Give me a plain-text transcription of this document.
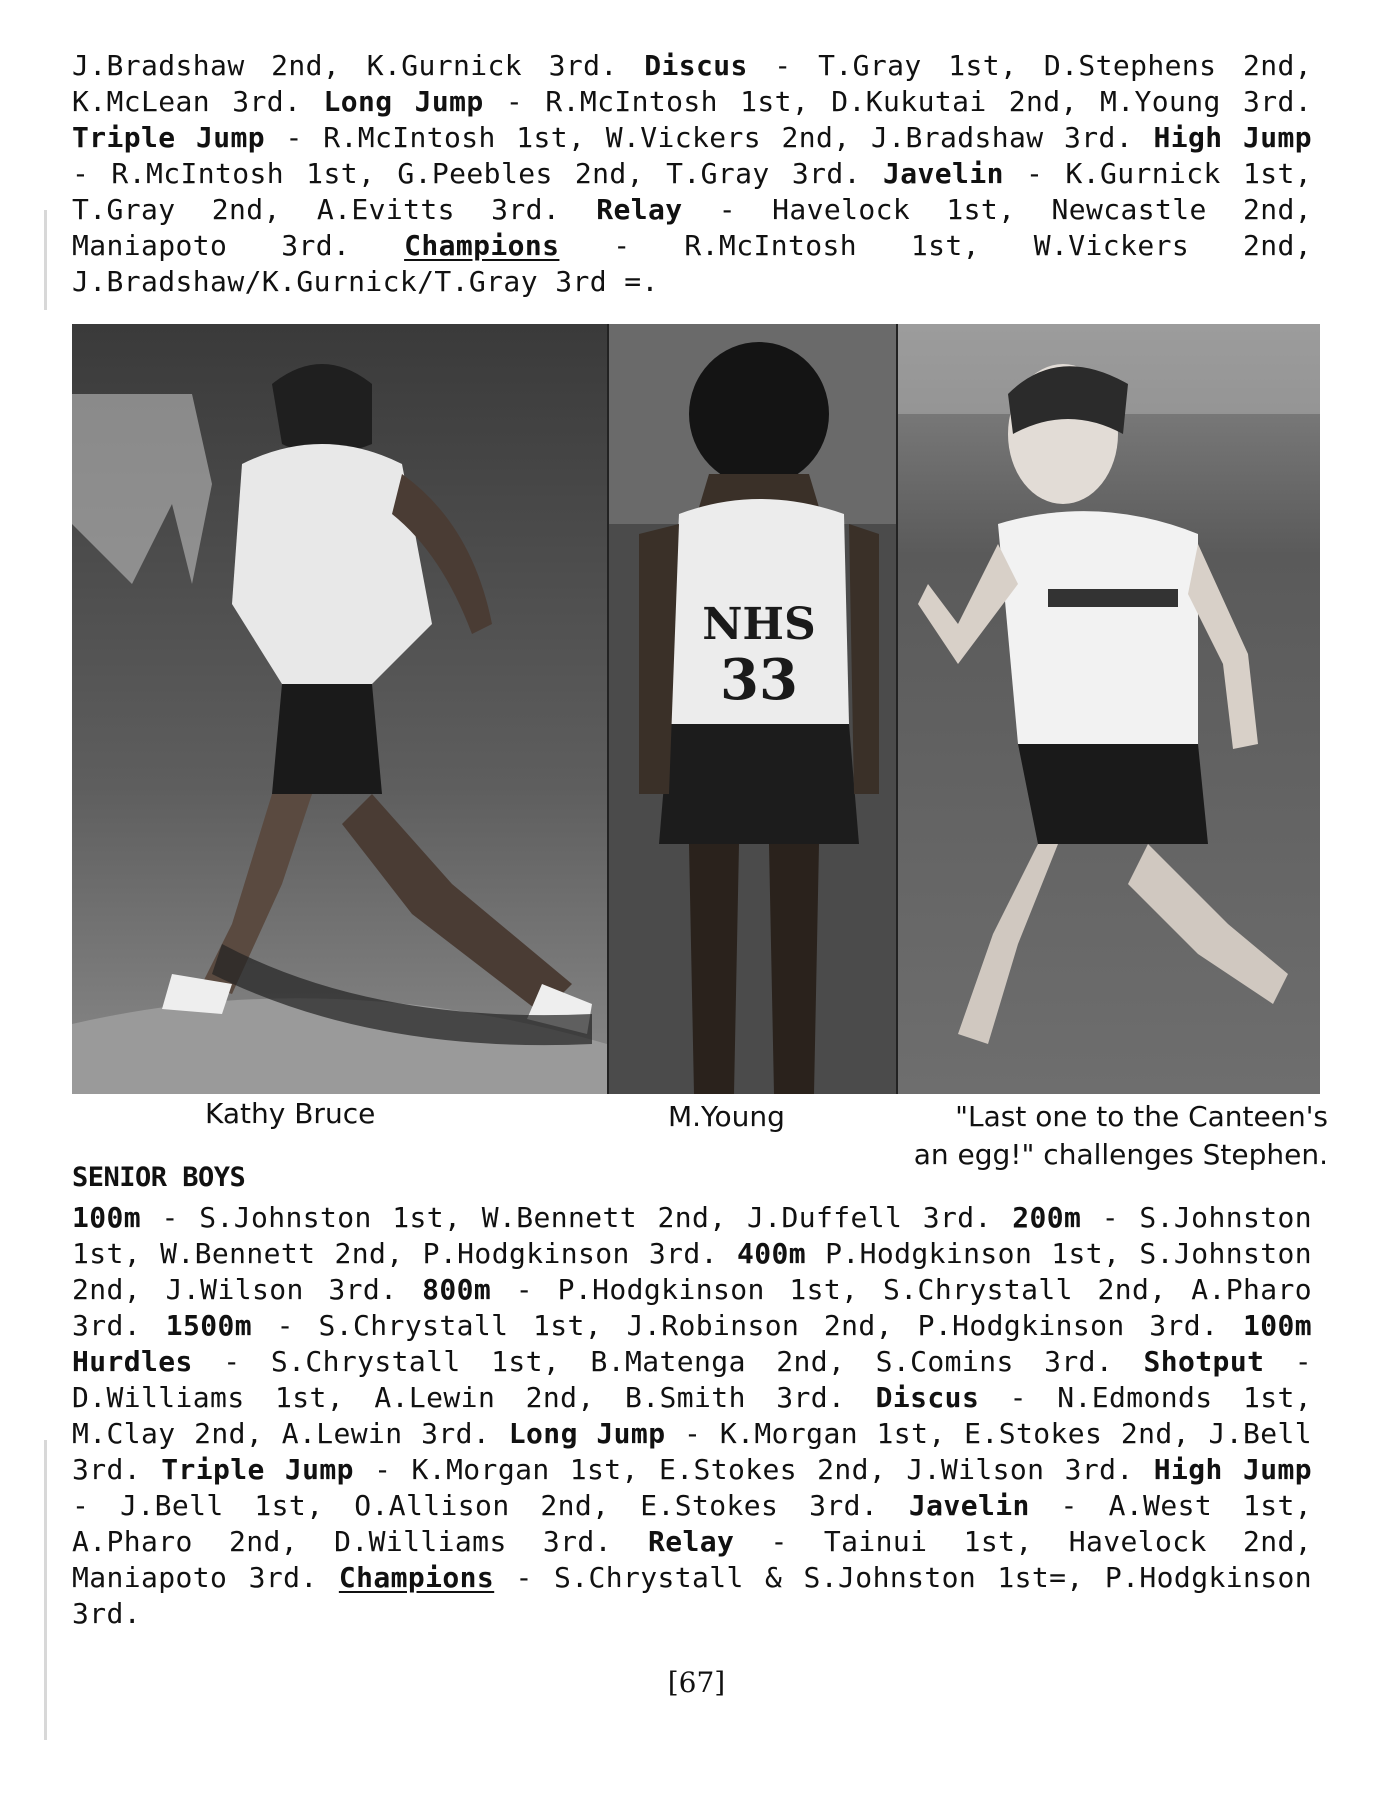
J.Bradshaw 2nd, K.Gurnick 3rd. Discus - T.Gray 1st, D.Stephens 2nd, K.McLean 3rd. Long Jump - R.McIntosh 1st, D.Kukutai 2nd, M.Young 3rd. Triple Jump - R.McIntosh 1st, W.Vickers 2nd, J.Bradshaw 3rd. High Jump - R.McIntosh 1st, G.Peebles 2nd, T.Gray 3rd. Javelin - K.Gurnick 1st, T.Gray 2nd, A.Evitts 3rd. Relay - Havelock 1st, Newcastle 2nd, Maniapoto 3rd. Champions - R.McIntosh 1st, W.Vickers 2nd, J.Bradshaw/K.Gurnick/T.Gray 3rd =.
NHS
33
Kathy Bruce	M.Young	"Last one to the Canteen's
an egg!" challenges Stephen.
SENIOR BOYS
100m - S.Johnston 1st, W.Bennett 2nd, J.Duffell 3rd. 200m - S.Johnston 1st, W.Bennett 2nd, P.Hodgkinson 3rd. 400m P.Hodgkinson 1st, S.Johnston 2nd, J.Wilson 3rd. 800m - P.Hodgkinson 1st, S.Chrystall 2nd, A.Pharo 3rd. 1500m - S.Chrystall 1st, J.Robinson 2nd, P.Hodgkinson 3rd. 100m Hurdles - S.Chrystall 1st, B.Matenga 2nd, S.Comins 3rd. Shotput - D.Williams 1st, A.Lewin 2nd, B.Smith 3rd. Discus - N.Edmonds 1st, M.Clay 2nd, A.Lewin 3rd. Long Jump - K.Morgan 1st, E.Stokes 2nd, J.Bell 3rd. Triple Jump - K.Morgan 1st, E.Stokes 2nd, J.Wilson 3rd. High Jump - J.Bell 1st, O.Allison 2nd, E.Stokes 3rd. Javelin - A.West 1st, A.Pharo 2nd, D.Williams 3rd. Relay - Tainui 1st, Havelock 2nd, Maniapoto 3rd. Champions - S.Chrystall & S.Johnston 1st=, P.Hodgkinson 3rd.
[67]
